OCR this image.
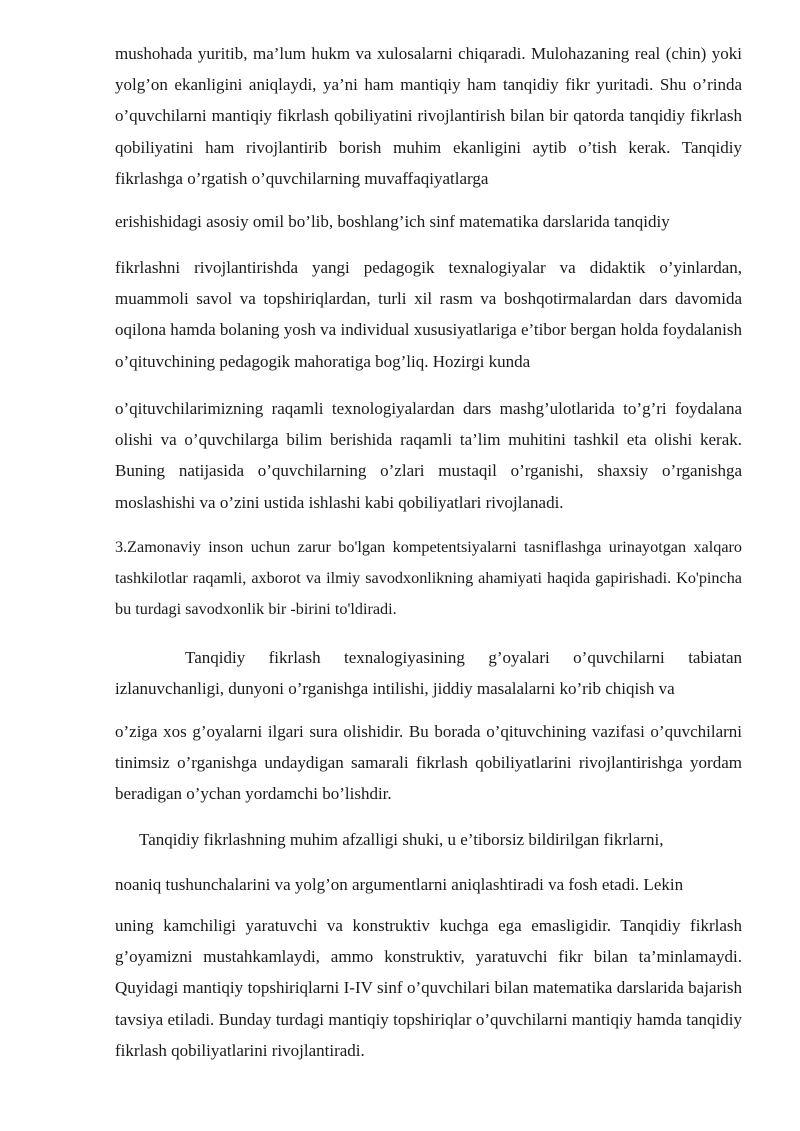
mushohada yuritib, ma’lum hukm va xulosalarni chiqaradi. Mulohazaning real (chin) yoki yolg’on ekanligini aniqlaydi, ya’ni ham mantiqiy ham tanqidiy fikr yuritadi. Shu o’rinda o’quvchilarni mantiqiy fikrlash qobiliyatini rivojlantirish bilan bir qatorda tanqidiy fikrlash qobiliyatini ham rivojlantirib borish muhim ekanligini aytib o’tish kerak. Tanqidiy fikrlashga o’rgatish o’quvchilarning muvaffaqiyatlarga

erishishidagi asosiy omil bo’lib, boshlang’ich sinf matematika darslarida tanqidiy

fikrlashni rivojlantirishda yangi pedagogik texnalogiyalar va didaktik o’yinlardan, muammoli savol va topshiriqlardan, turli xil rasm va boshqotirmalardan dars davomida oqilona hamda bolaning yosh va individual xususiyatlariga e’tibor bergan holda foydalanish o’qituvchining pedagogik mahoratiga bog’liq. Hozirgi kunda

o’qituvchilarimizning raqamli texnologiyalardan dars mashg’ulotlarida to’g’ri foydalana olishi va o’quvchilarga bilim berishida raqamli ta’lim muhitini tashkil eta olishi kerak. Buning natijasida o’quvchilarning o’zlari mustaqil o’rganishi, shaxsiy o’rganishga moslashishi va o’zini ustida ishlashi kabi qobiliyatlari rivojlanadi.

3.Zamonaviy inson uchun zarur bo'lgan kompetentsiyalarni tasniflashga urinayotgan xalqaro tashkilotlar raqamli, axborot va ilmiy savodxonlikning ahamiyati haqida gapirishadi. Ko'pincha bu turdagi savodxonlik bir -birini to'ldiradi.

Tanqidiy fikrlash texnalogiyasining g’oyalari o’quvchilarni tabiatan izlanuvchanligi, dunyoni o’rganishga intilishi, jiddiy masalalarni ko’rib chiqish va

o’ziga xos g’oyalarni ilgari sura olishidir. Bu borada o’qituvchining vazifasi o’quvchilarni tinimsiz o’rganishga undaydigan samarali fikrlash qobiliyatlarini rivojlantirishga yordam beradigan o’ychan yordamchi bo’lishdir.

Tanqidiy fikrlashning muhim afzalligi shuki, u e’tiborsiz bildirilgan fikrlarni,

noaniq tushunchalarini va yolg’on argumentlarni aniqlashtiradi va fosh etadi. Lekin

uning kamchiligi yaratuvchi va konstruktiv kuchga ega emasligidir. Tanqidiy fikrlash g’oyamizni mustahkamlaydi, ammo konstruktiv, yaratuvchi fikr bilan ta’minlamaydi. Quyidagi mantiqiy topshiriqlarni I-IV sinf o’quvchilari bilan matematika darslarida bajarish tavsiya etiladi. Bunday turdagi mantiqiy topshiriqlar o’quvchilarni mantiqiy hamda tanqidiy fikrlash qobiliyatlarini rivojlantiradi.
